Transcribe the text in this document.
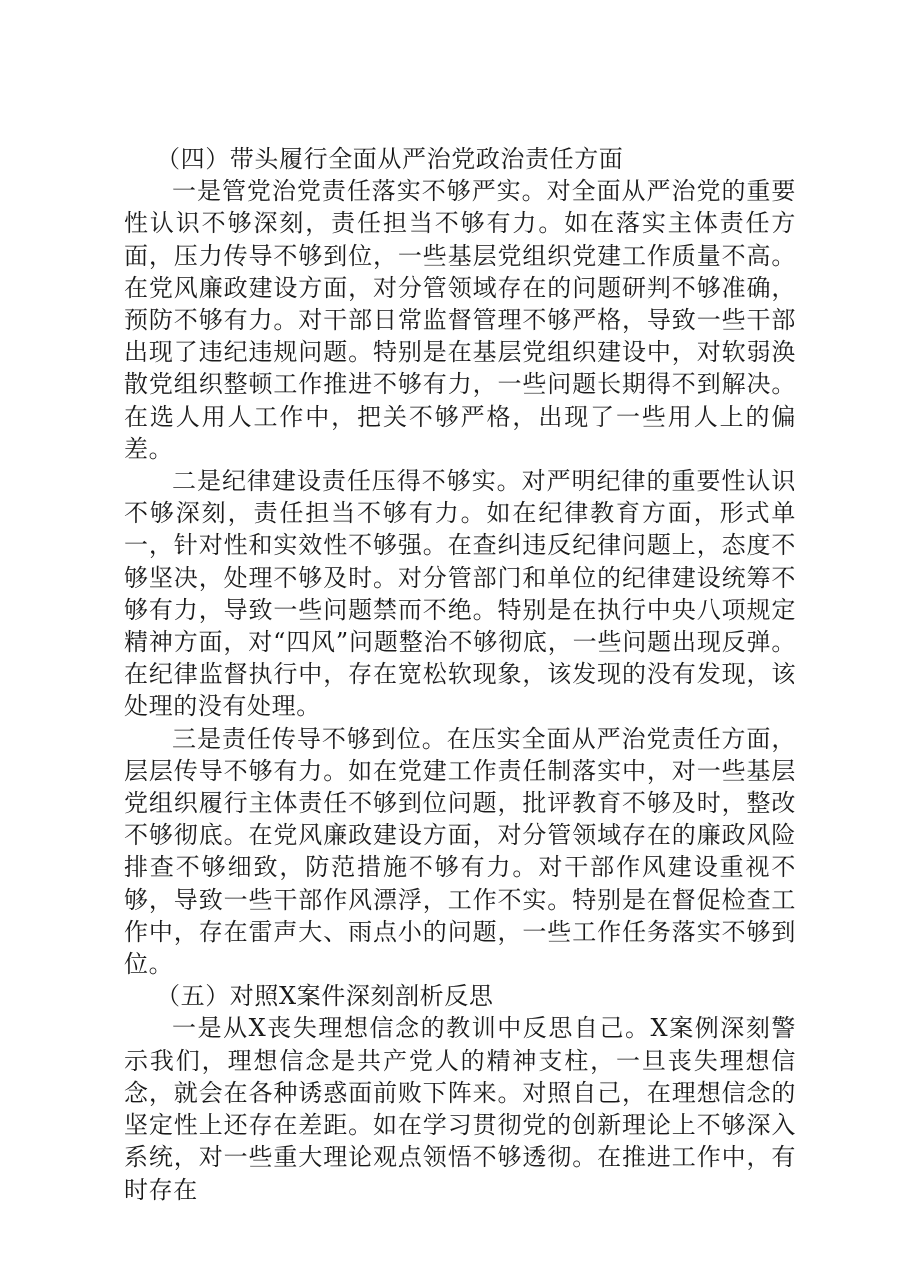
（四）带头履行全面从严治党政治责任方面

一是管党治党责任落实不够严实。对全面从严治党的重要性认识不够深刻，责任担当不够有力。如在落实主体责任方面，压力传导不够到位，一些基层党组织党建工作质量不高。在党风廉政建设方面，对分管领域存在的问题研判不够准确，预防不够有力。对干部日常监督管理不够严格，导致一些干部出现了违纪违规问题。特别是在基层党组织建设中，对软弱涣散党组织整顿工作推进不够有力，一些问题长期得不到解决。在选人用人工作中，把关不够严格，出现了一些用人上的偏差。

二是纪律建设责任压得不够实。对严明纪律的重要性认识不够深刻，责任担当不够有力。如在纪律教育方面，形式单一，针对性和实效性不够强。在查纠违反纪律问题上，态度不够坚决，处理不够及时。对分管部门和单位的纪律建设统筹不够有力，导致一些问题禁而不绝。特别是在执行中央八项规定精神方面，对“四风”问题整治不够彻底，一些问题出现反弹。在纪律监督执行中，存在宽松软现象，该发现的没有发现，该处理的没有处理。

三是责任传导不够到位。在压实全面从严治党责任方面，层层传导不够有力。如在党建工作责任制落实中，对一些基层党组织履行主体责任不够到位问题，批评教育不够及时，整改不够彻底。在党风廉政建设方面，对分管领域存在的廉政风险排查不够细致，防范措施不够有力。对干部作风建设重视不够，导致一些干部作风漂浮，工作不实。特别是在督促检查工作中，存在雷声大、雨点小的问题，一些工作任务落实不够到位。

（五）对照X案件深刻剖析反思

一是从X丧失理想信念的教训中反思自己。X案例深刻警示我们，理想信念是共产党人的精神支柱，一旦丧失理想信念，就会在各种诱惑面前败下阵来。对照自己，在理想信念的坚定性上还存在差距。如在学习贯彻党的创新理论上不够深入系统，对一些重大理论观点领悟不够透彻。在推进工作中，有时存在
